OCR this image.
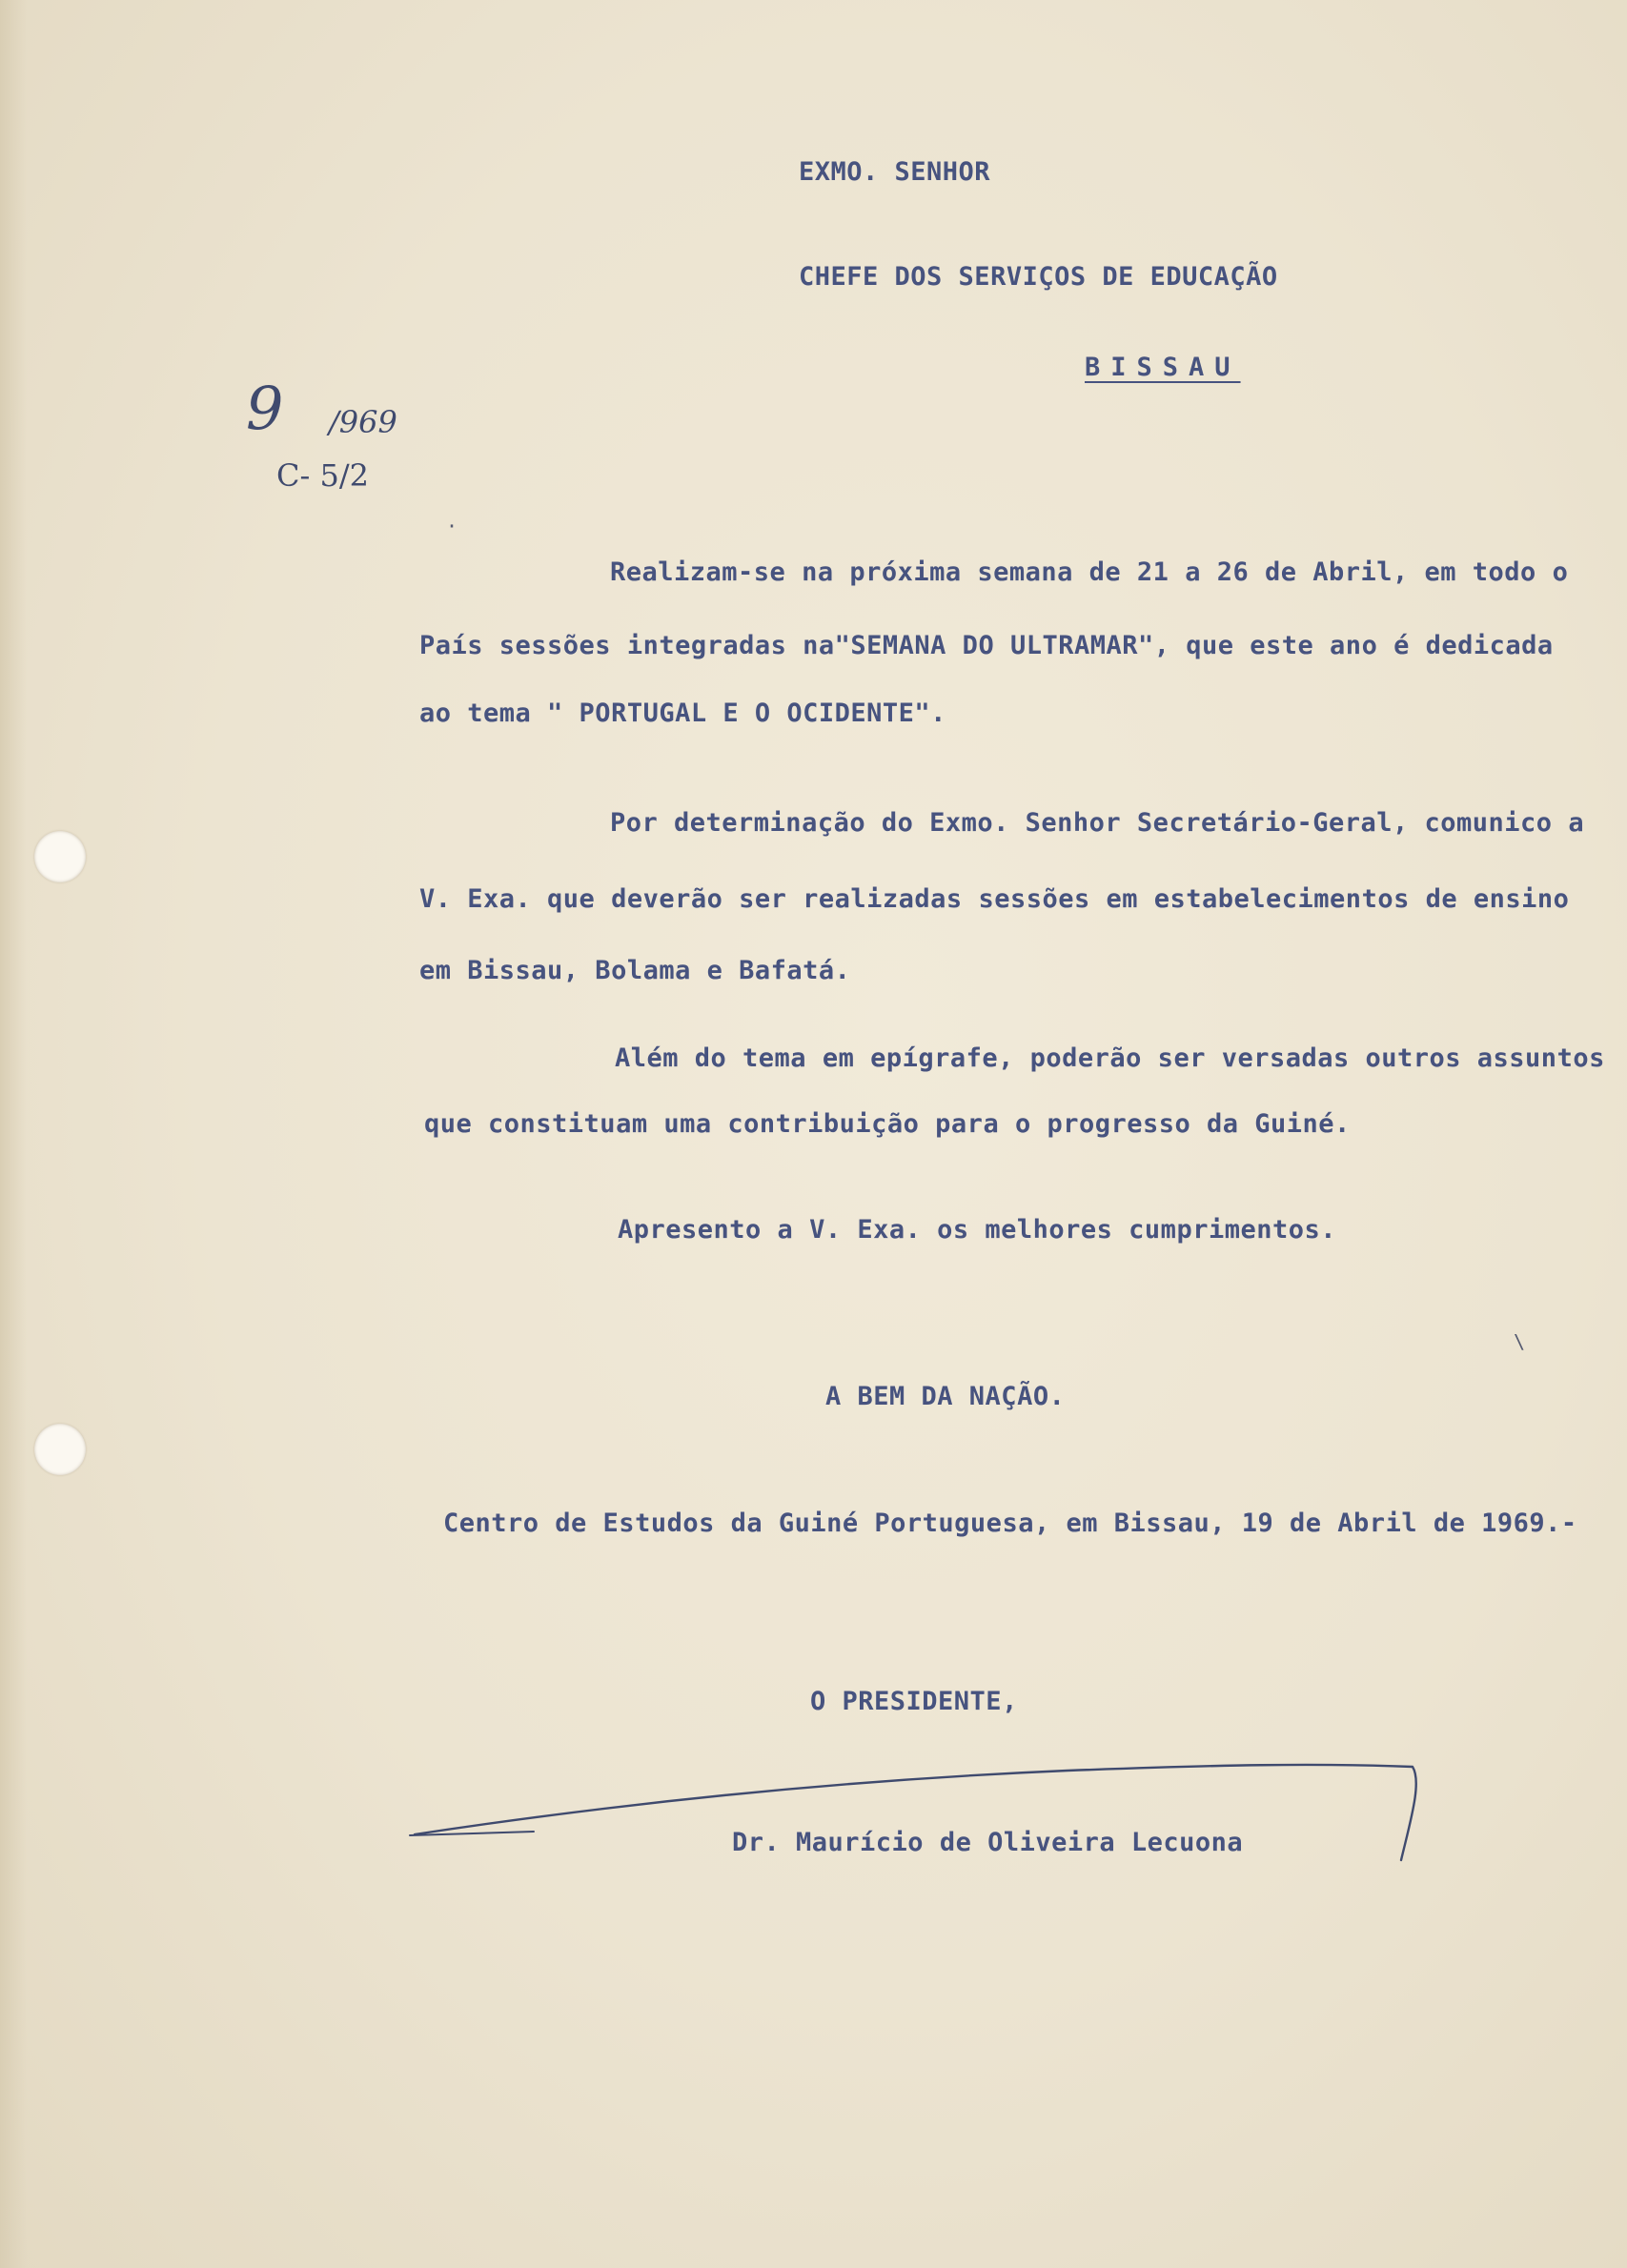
EXMO. SENHOR

CHEFE DOS SERVIÇOS DE EDUCAÇÃO

BISSAU

9 /969

C- 5/2

·

Realizam-se na próxima semana de 21 a 26 de Abril, em todo o

País sessões integradas na"SEMANA DO ULTRAMAR", que este ano é dedicada

ao tema " PORTUGAL E O OCIDENTE".

Por determinação do Exmo. Senhor Secretário-Geral, comunico a

V. Exa. que deverão ser realizadas sessões em estabelecimentos de ensino

em Bissau, Bolama e Bafatá.

Além do tema em epígrafe, poderão ser versadas outros assuntos

que constituam uma contribuição para o progresso da Guiné.

Apresento a V. Exa. os melhores cumprimentos.

A BEM DA NAÇÃO.

Centro de Estudos da Guiné Portuguesa, em Bissau, 19 de Abril de 1969.-

O PRESIDENTE,

Dr. Maurício de Oliveira Lecuona

\
